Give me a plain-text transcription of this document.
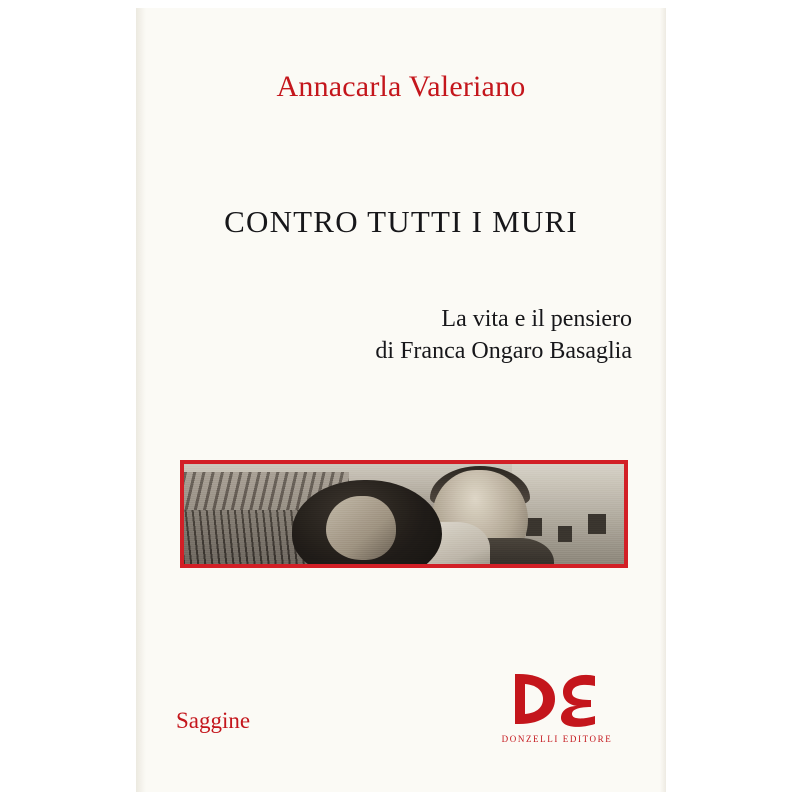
Annacarla Valeriano
CONTRO TUTTI I MURI
La vita e il pensiero
di Franca Ongaro Basaglia
Saggine
DONZELLI EDITORE
